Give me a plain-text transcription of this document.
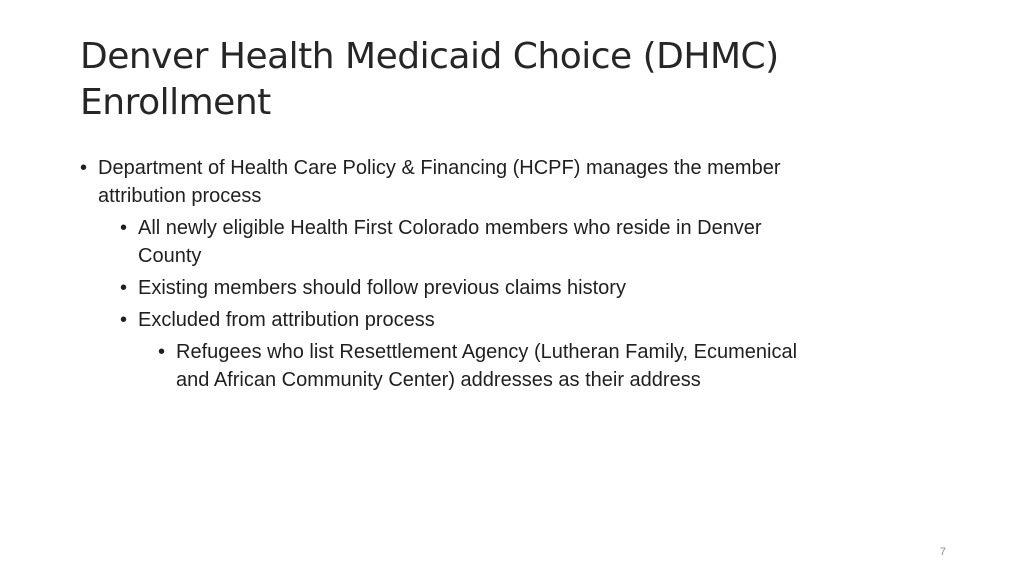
Denver Health Medicaid Choice (DHMC) Enrollment
• Department of Health Care Policy & Financing (HCPF) manages the member attribution process
• All newly eligible Health First Colorado members who reside in Denver County
• Existing members should follow previous claims history
• Excluded from attribution process
• Refugees who list Resettlement Agency (Lutheran Family, Ecumenical and African Community Center) addresses as their address
7
